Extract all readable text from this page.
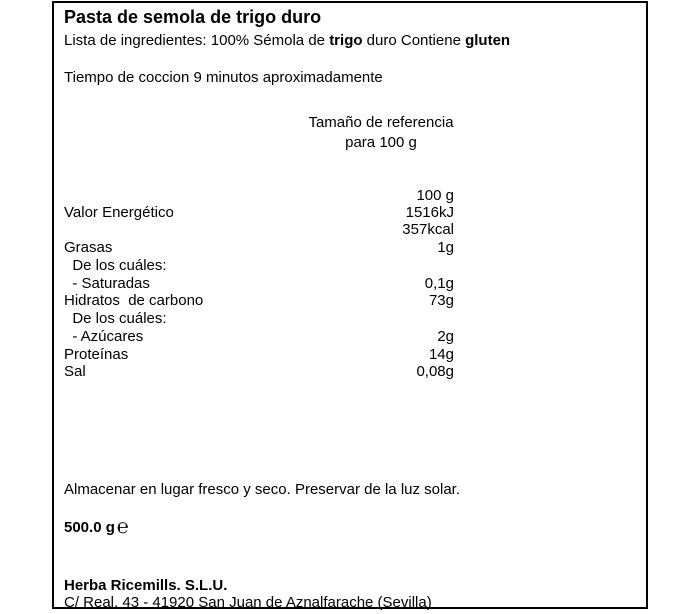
Pasta de semola de trigo duro
Lista de ingredientes: 100% Sémola de trigo duro Contiene gluten
Tiempo de coccion 9 minutos aproximadamente
Tamaño de referencia
para 100 g
100 g
Valor Energético	1516kJ
357kcal
Grasas	1g
De los cuáles:
- Saturadas	0,1g
Hidratos  de carbono	73g
De los cuáles:
- Azúcares	2g
Proteínas	14g
Sal	0,08g
Almacenar en lugar fresco y seco. Preservar de la luz solar.
500.0 g ℮
Herba Ricemills. S.L.U.
C/ Real. 43 - 41920 San Juan de Aznalfarache (Sevilla)
